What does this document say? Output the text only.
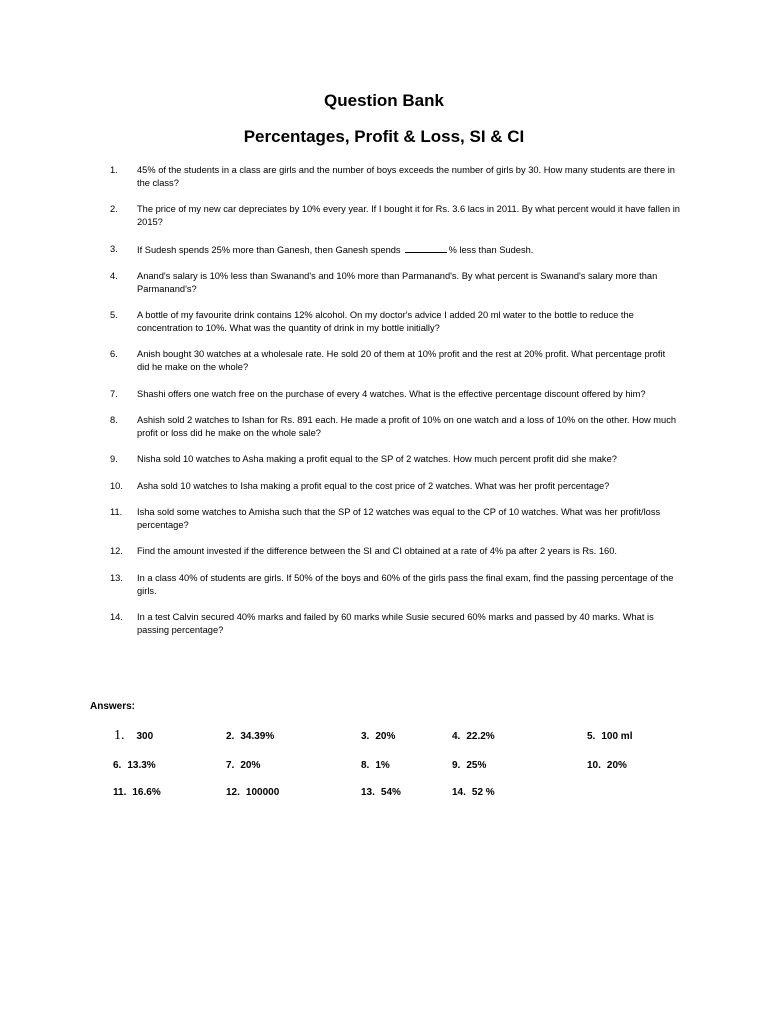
Question Bank
Percentages, Profit & Loss, SI & CI
1. 45% of the students in a class are girls and the number of boys exceeds the number of girls by 30. How many students are there in the class?
2. The price of my new car depreciates by 10% every year. If I bought it for Rs. 3.6 lacs in 2011. By what percent would it have fallen in 2015?
3. If Sudesh spends 25% more than Ganesh, then Ganesh spends	% less than Sudesh.
4. Anand's salary is 10% less than Swanand's and 10% more than Parmanand's. By what percent is Swanand's salary more than Parmanand's?
5. A bottle of my favourite drink contains 12% alcohol. On my doctor's advice I added 20 ml water to the bottle to reduce the concentration to 10%. What was the quantity of drink in my bottle initially?
6. Anish bought 30 watches at a wholesale rate. He sold 20 of them at 10% profit and the rest at 20% profit. What percentage profit did he make on the whole?
7. Shashi offers one watch free on the purchase of every 4 watches. What is the effective percentage discount offered by him?
8. Ashish sold 2 watches to Ishan for Rs. 891 each. He made a profit of 10% on one watch and a loss of 10% on the other. How much profit or loss did he make on the whole sale?
9. Nisha sold 10 watches to Asha making a profit equal to the SP of 2 watches. How much percent profit did she make?
10. Asha sold 10 watches to Isha making a profit equal to the cost price of 2 watches. What was her profit percentage?
11. Isha sold some watches to Amisha such that the SP of 12 watches was equal to the CP of 10 watches. What was her profit/loss percentage?
12. Find the amount invested if the difference between the SI and CI obtained at a rate of 4% pa after 2 years is Rs. 160.
13. In a class 40% of students are girls. If 50% of the boys and 60% of the girls pass the final exam, find the passing percentage of the girls.
14. In a test Calvin secured 40% marks and failed by 60 marks while Susie secured 60% marks and passed by 40 marks. What is passing percentage?
Answers:
1. 300	2. 34.39%	3. 20%	4. 22.2%	5. 100 ml
6. 13.3%	7. 20%	8. 1%	9. 25%	10. 20%
11. 16.6%	12. 100000	13. 54%	14. 52 %
